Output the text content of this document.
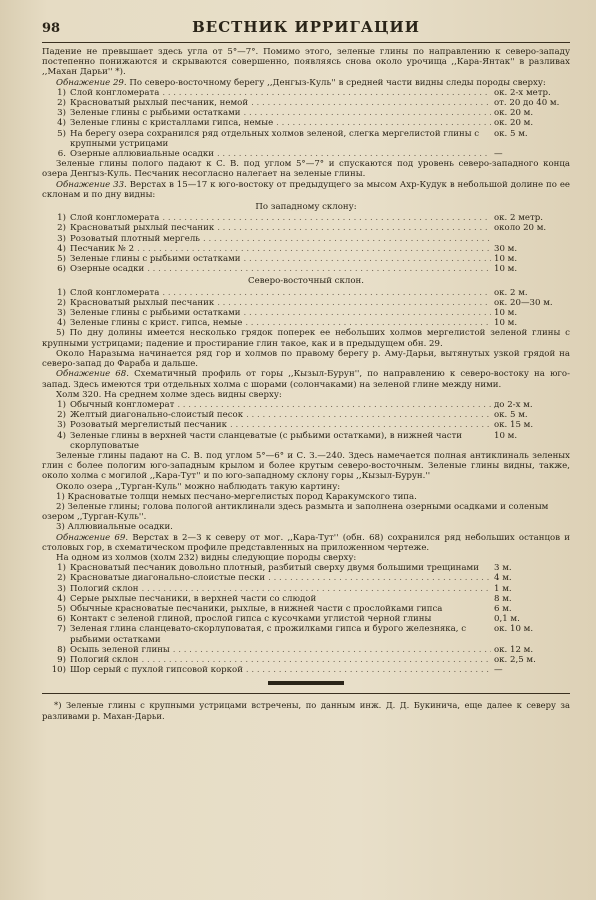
98	ВЕСТНИК ИРРИГАЦИИ

Падение не превышает здесь угла от 5°—7°. Помимо этого, зеленые глины по направлению к северо-западу постепенно понижаются и скрываются совершенно, появляясь снова около урочища ,,Кара-Янтак'' в разливах ,,Махан Дарьи'' *).

Обнажение 29. По северо-восточному берегу ,,Денгыз-Куль'' в средней части видны следы породы сверху:

1) Слой конгломерата . . .	ок. 2-х метр.
2) Красноватый рыхлый песчаник, немой . . .	от. 20 до 40 м.
3) Зеленые глины с рыбьими остатками . . .	ок. 20 м.
4) Зеленые глины с кристаллами гипса, немые . . .	ок. 20 м.
5) На берегу озера сохранился ряд отдельных холмов зеленой, слегка мергелистой глины с крупными устрицами
ок. 5 м.
6. Озерные аллювиальные осадки . . .	—

Зеленые глины полого падают к С. В. под углом 5°—7° и спускаются под уровень северо-западного конца озера Денгыз-Куль. Песчаник несогласно налегает на зеленые глины.

Обнажение 33. Верстах в 15—17 к юго-востоку от предыдущего за мысом Ахр-Кудук в небольшой долине по ее склонам и по дну видны:

По западному склону:
1) Слой конгломерата . . .	ок. 2 метр.
2) Красноватый рыхлый песчаник . . .	около 20 м.
3) Розоватый плотный мергель
. . .
4) Песчаник № 2 . . .	30 м.
5) Зеленые глины с рыбьими остатками . . .	10 м.
6) Озерные осадки . . .	10 м.
Северо-восточный склон.
1) Слой конгломерата . . .	ок. 2 м.
2) Красноватый рыхлый песчаник . . .	ок. 20—30 м.
3) Зеленые глины с рыбьими остатками . . .	10 м.
4) Зеленые глины с крист. гипса, немые . . .	10 м.

5) По дну долины имеется несколько грядок поперек ее небольших холмов мергелистой зеленой глины с крупными устрицами; падение и простирание глин такое, как и в предыдущем обн. 29.

Около Наразыма начинается ряд гор и холмов по правому берегу р. Аму-Дарьи, вытянутых узкой грядой на северо-запад до Фараба и дальше.

Обнажение 68. Схематичный профиль от горы ,,Кызыл-Бурун'', по направлению к северо-востоку на юго-запад. Здесь имеются три отдельных холма с шорами (солончаками) на зеленой глине между ними.

Холм 320. На среднем холме здесь видны сверху:

1) Обычный конгломерат . . .	до 2-х м.
2) Желтый диагонально-слоистый песок . . .	ок. 5 м.
3) Розоватый мергелистый песчаник . . .	ок. 15 м.
4) Зеленые глины в верхней части сланцеватые (с рыбьими остатками), в нижней части скорлуповатые
10 м.

Зеленые глины падают на С. В. под углом 5°—6° и С. З.—240. Здесь намечается полная антиклиналь зеленых глин с более пологим юго-западным крылом и более крутым северо-восточным. Зеленые глины видны, также, около холма с могилой ,,Кара-Тут'' и по юго-западному склону горы ,,Кызыл-Бурун.''

Около озера ,,Турган-Куль'' можно наблюдать такую картину:

1) Красноватые толщи немых песчано-мергелистых пород Каракумского типа.
2) Зеленые глины; голова пологой антиклинали здесь размыта и заполнена озерными осадками и соленым озером ,,Турган-Куль''.
3) Аллювиальные осадки.

Обнажение 69. Верстах в 2—3 к северу от мог. ,,Кара-Тут'' (обн. 68) сохранился ряд небольших останцов и столовых гор, в схематическом профиле представленных на приложенном чертеже.

На одном из холмов (холм 232) видны следующие породы сверху:

1) Красноватый песчаник довольно плотный, разбитый сверху двумя большими трещинами	3 м.
2) Красноватые диагонально-слоистые пески . . .	4 м.
3) Пологий склон . . .	1 м.
4) Серые рыхлые песчаники, в верхней части со слюдой	8 м.
5) Обычные красноватые песчаники, рыхлые, в нижней части с прослойками гипса	6 м.
6) Контакт с зеленой глиной, прослой гипса с кусочками углистой черной глины	0,1 м.
7) Зеленая глина сланцевато-скорлуповатая, с прожилками гипса и бурого железняка, с рыбьими остатками
ок. 10 м.
8) Осыпь зеленой глины . . .	ок. 12 м.
9) Пологий склон . . .	ок. 2,5 м.
10) Шор серый с пухлой гипсовой коркой . . .	—

*) Зеленые глины с крупными устрицами встречены, по данным инж. Д. Д. Букинича, еще далее к северу за разливами р. Махан-Дарьи.
